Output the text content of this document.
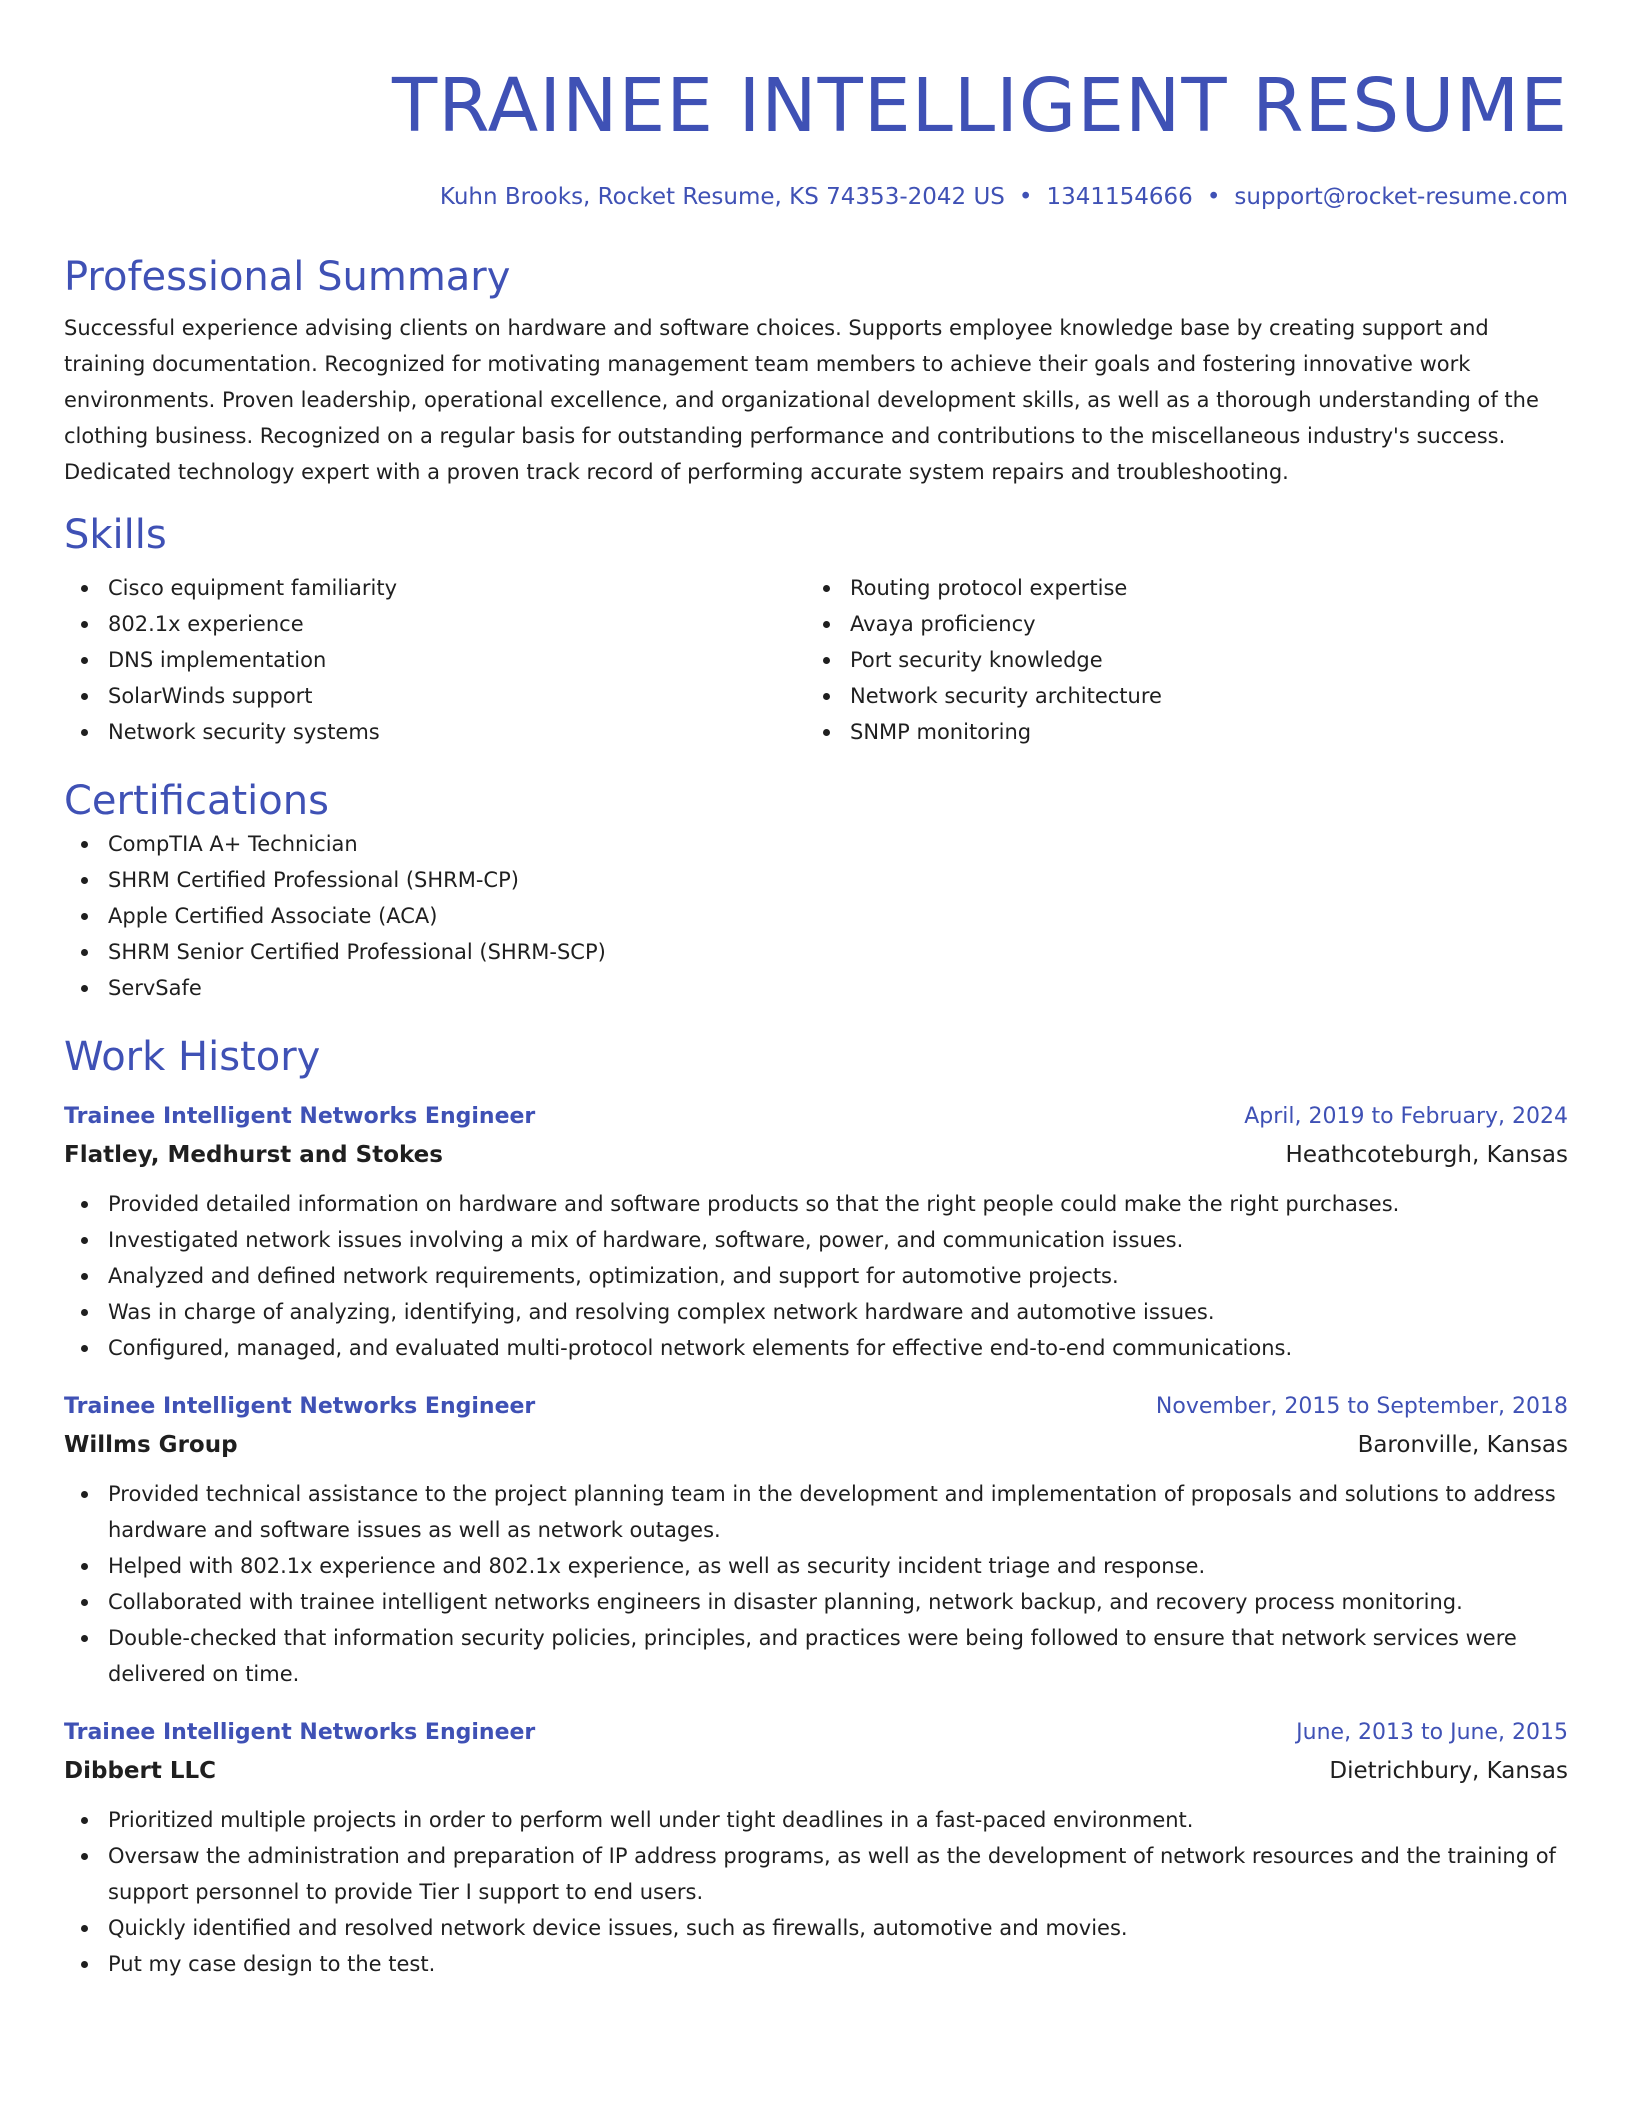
TRAINEE INTELLIGENT RESUME
Kuhn Brooks, Rocket Resume, KS 74353-2042 US • 1341154666 • support@rocket-resume.com
Professional Summary

Successful experience advising clients on hardware and software choices. Supports employee knowledge base by creating support and training documentation. Recognized for motivating management team members to achieve their goals and fostering innovative work environments. Proven leadership, operational excellence, and organizational development skills, as well as a thorough understanding of the clothing business. Recognized on a regular basis for outstanding performance and contributions to the miscellaneous industry's success. Dedicated technology expert with a proven track record of performing accurate system repairs and troubleshooting.

Skills
Cisco equipment familiarity
802.1x experience
DNS implementation
SolarWinds support
Network security systems
Routing protocol expertise
Avaya proficiency
Port security knowledge
Network security architecture
SNMP monitoring
Certifications
CompTIA A+ Technician
SHRM Certified Professional (SHRM-CP)
Apple Certified Associate (ACA)
SHRM Senior Certified Professional (SHRM-SCP)
ServSafe
Work History
Trainee Intelligent Networks Engineer	April, 2019 to February, 2024
Flatley, Medhurst and Stokes	Heathcoteburgh, Kansas
Provided detailed information on hardware and software products so that the right people could make the right purchases.
Investigated network issues involving a mix of hardware, software, power, and communication issues.
Analyzed and defined network requirements, optimization, and support for automotive projects.
Was in charge of analyzing, identifying, and resolving complex network hardware and automotive issues.
Configured, managed, and evaluated multi-protocol network elements for effective end-to-end communications.
Trainee Intelligent Networks Engineer	November, 2015 to September, 2018
Willms Group	Baronville, Kansas
Provided technical assistance to the project planning team in the development and implementation of proposals and solutions to address hardware and software issues as well as network outages.
Helped with 802.1x experience and 802.1x experience, as well as security incident triage and response.
Collaborated with trainee intelligent networks engineers in disaster planning, network backup, and recovery process monitoring.
Double-checked that information security policies, principles, and practices were being followed to ensure that network services were delivered on time.
Trainee Intelligent Networks Engineer	June, 2013 to June, 2015
Dibbert LLC	Dietrichbury, Kansas
Prioritized multiple projects in order to perform well under tight deadlines in a fast-paced environment.
Oversaw the administration and preparation of IP address programs, as well as the development of network resources and the training of support personnel to provide Tier I support to end users.
Quickly identified and resolved network device issues, such as firewalls, automotive and movies.
Put my case design to the test.
